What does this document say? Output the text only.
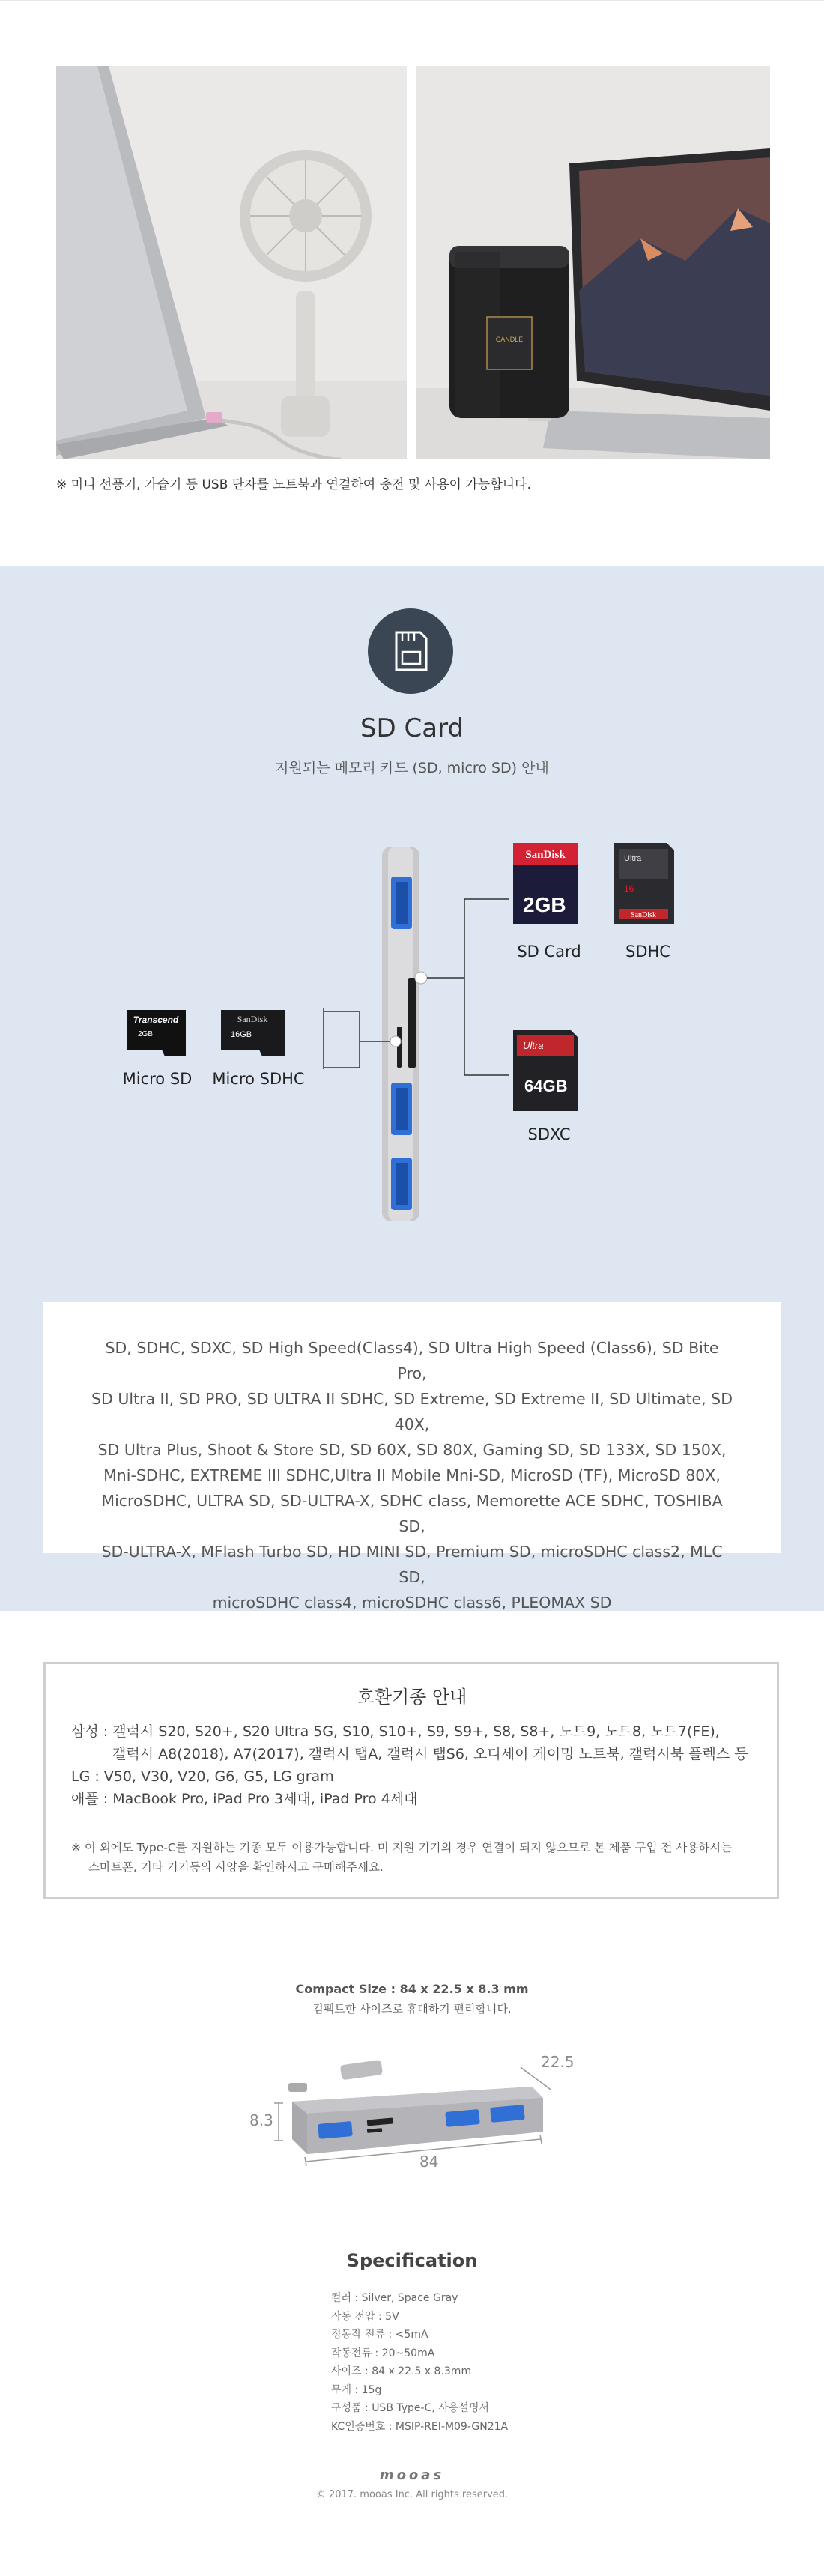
CANDLE
※ 미니 선풍기, 가습기 등 USB 단자를 노트북과 연결하여 충전 및 사용이 가능합니다.
SD Card
지원되는 메모리 카드 (SD, micro SD) 안내
SanDisk
2GB
Ultra
16
SanDisk
Ultra
64GB
Transcend
2GB
SanDisk
16GB
SD Card	SDHC
SDXC
Micro SD	Micro SDHC
SD, SDHC, SDXC, SD High Speed(Class4), SD Ultra High Speed (Class6), SD Bite Pro,
SD Ultra II, SD PRO, SD ULTRA II SDHC, SD Extreme, SD Extreme II, SD Ultimate, SD 40X,
SD Ultra Plus, Shoot & Store SD, SD 60X, SD 80X, Gaming SD, SD 133X, SD 150X,
Mni-SDHC, EXTREME III SDHC,Ultra II Mobile Mni-SD, MicroSD (TF), MicroSD 80X,
MicroSDHC, ULTRA SD, SD-ULTRA-X, SDHC class, Memorette ACE SDHC, TOSHIBA SD,
SD-ULTRA-X, MFlash Turbo SD, HD MINI SD, Premium SD, microSDHC class2, MLC SD,
microSDHC class4, microSDHC class6, PLEOMAX SD
호환기종 안내
삼성 : 갤럭시 S20, S20+, S20 Ultra 5G, S10, S10+, S9, S9+, S8, S8+, 노트9, 노트8, 노트7(FE),
갤럭시 A8(2018), A7(2017), 갤럭시 탭A, 갤럭시 탭S6, 오디세이 게이밍 노트북, 갤럭시북 플렉스 등
LG : V50, V30, V20, G6, G5, LG gram
애플 : MacBook Pro, iPad Pro 3세대, iPad Pro 4세대
※ 이 외에도 Type-C를 지원하는 기종 모두 이용가능합니다. 미 지원 기기의 경우 연결이 되지 않으므로 본 제품 구입 전 사용하시는
스마트폰, 기타 기기등의 사양을 확인하시고 구매해주세요.
Compact Size : 84 x 22.5 x 8.3 mm
컴팩트한 사이즈로 휴대하기 편리합니다.
22.5
8.3
84
Specification
컬러 : Silver, Space Gray
작동 전압 : 5V
정동작 전류 : <5mA
작동전류 : 20~50mA
사이즈 : 84 x 22.5 x 8.3mm
무게 : 15g
구성품 : USB Type-C, 사용설명서
KC인증번호 : MSIP-REI-M09-GN21A
mooas
© 2017. mooas Inc. All rights reserved.
